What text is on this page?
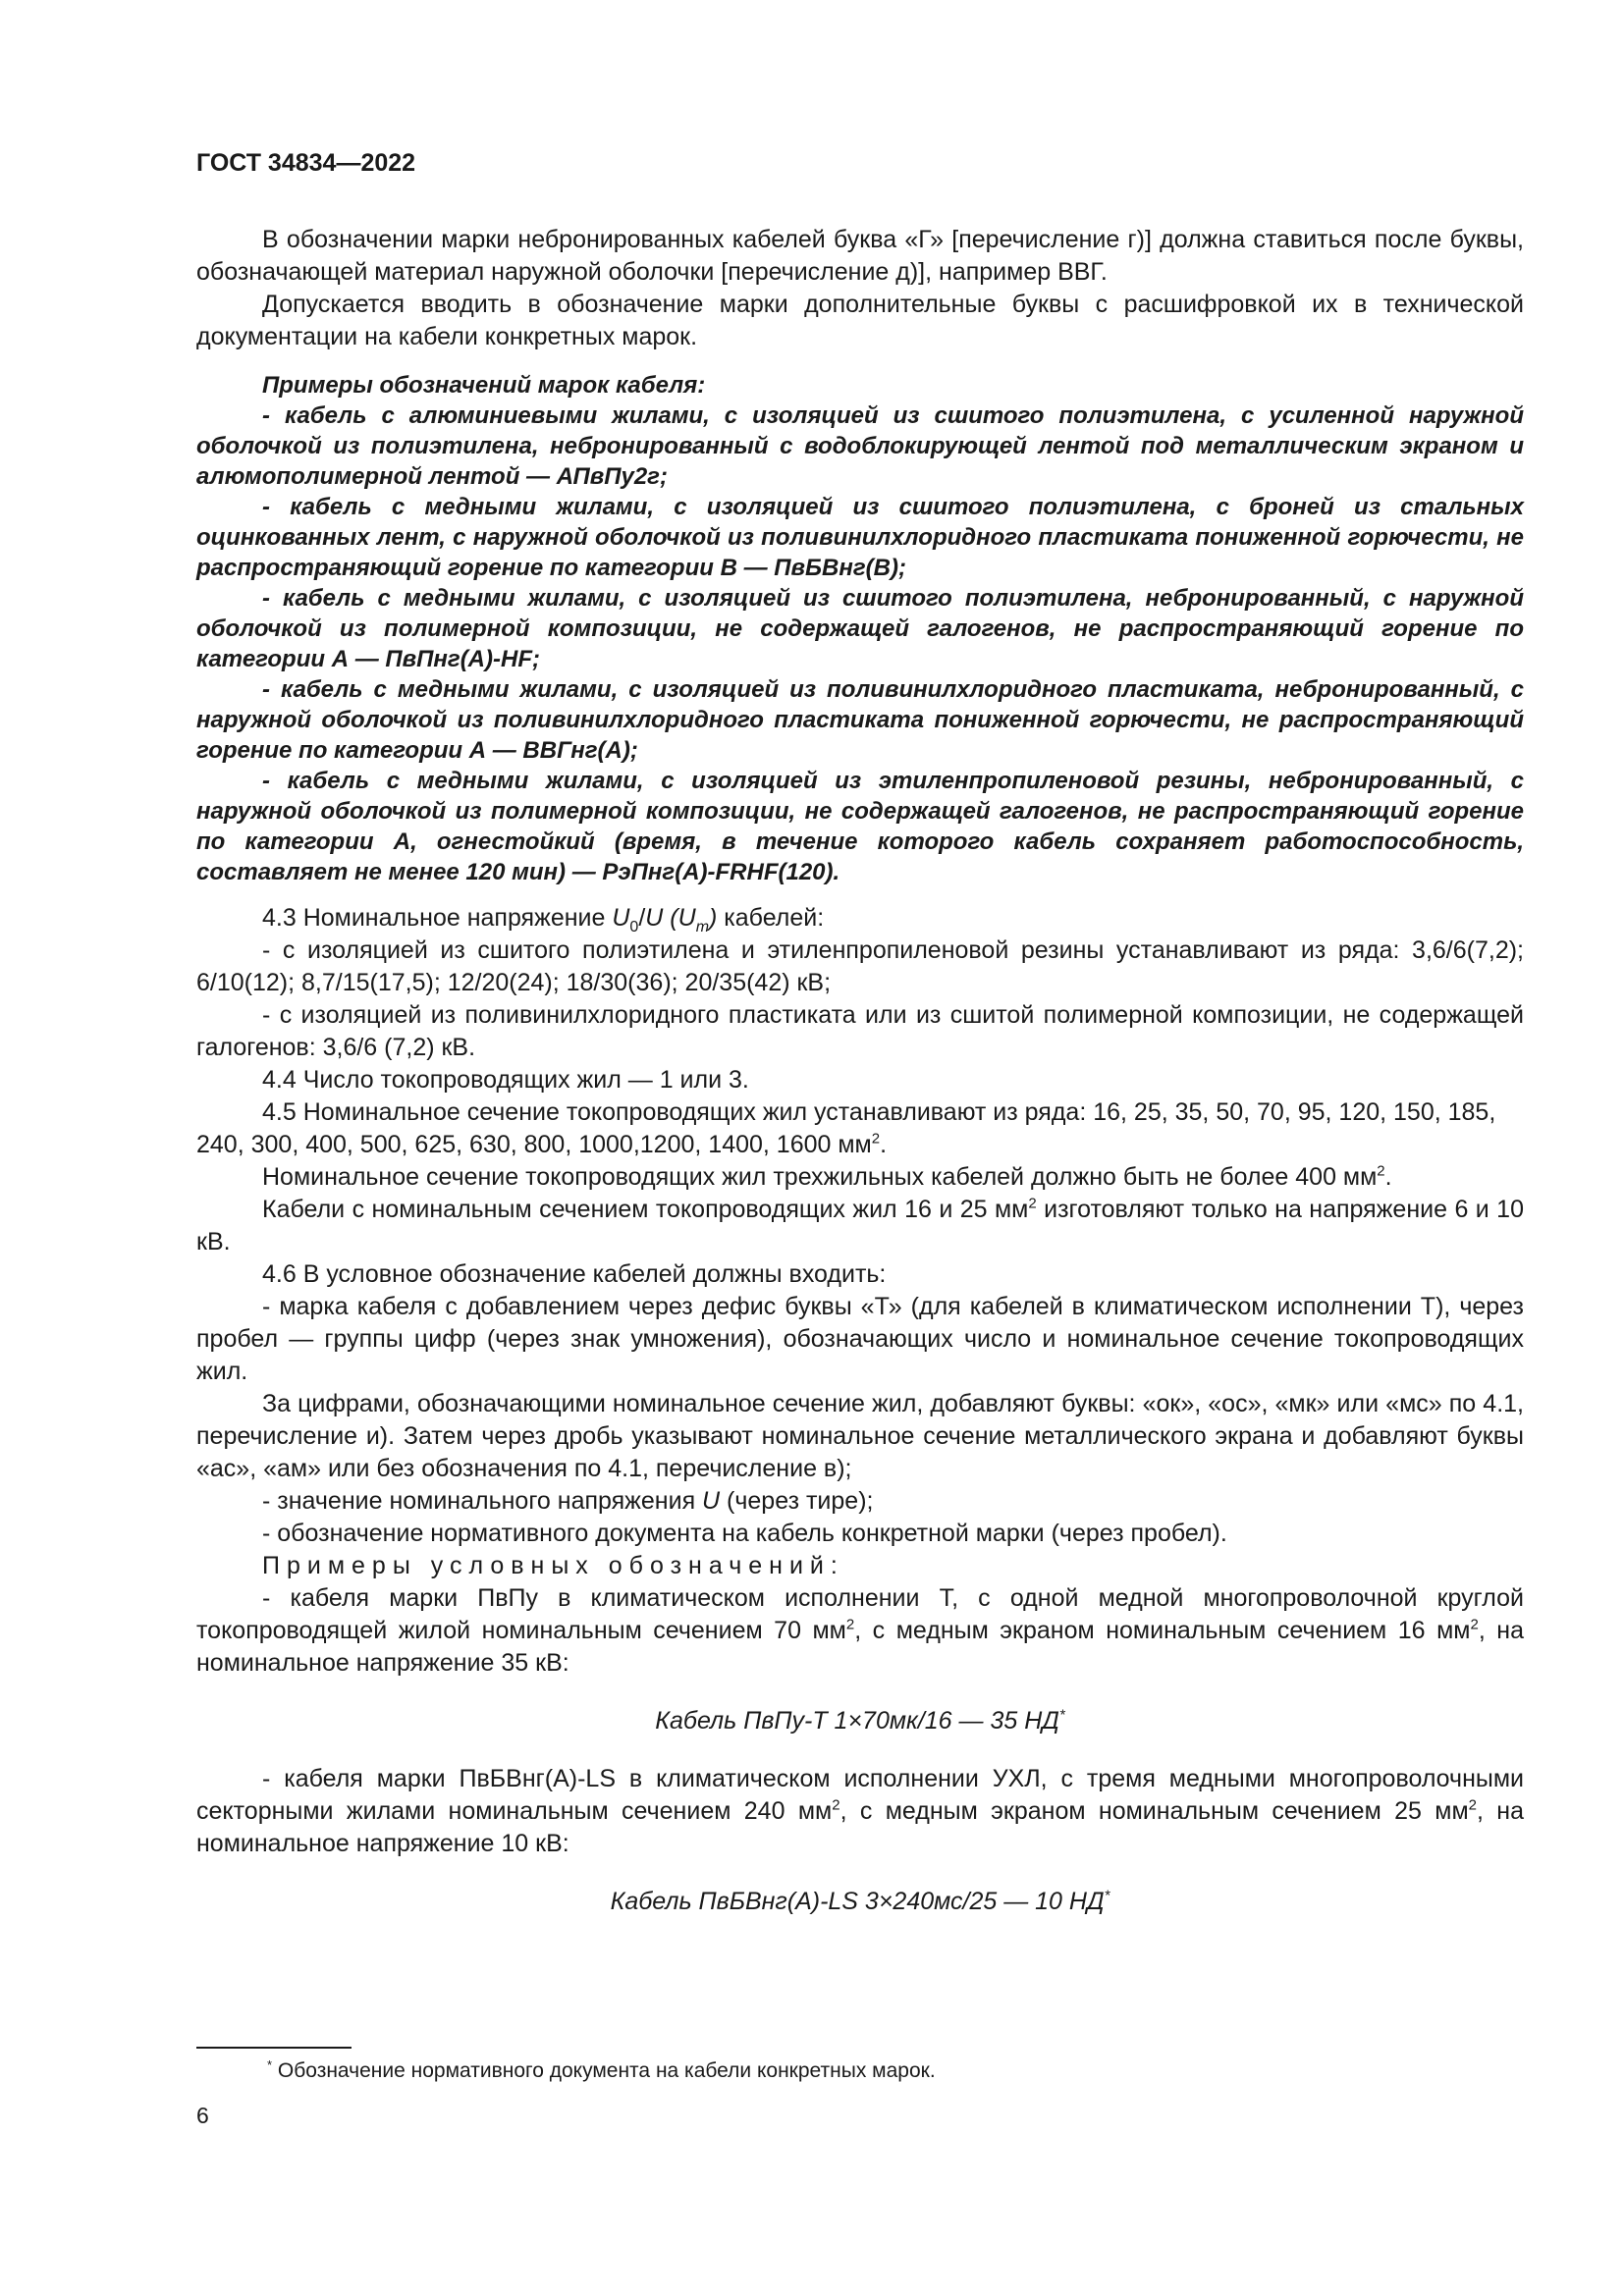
ГОСТ 34834—2022

В обозначении марки небронированных кабелей буква «Г» [перечисление г)] должна ставиться после буквы, обозначающей материал наружной оболочки [перечисление д)], например ВВГ.

Допускается вводить в обозначение марки дополнительные буквы с расшифровкой их в технической документации на кабели конкретных марок.

Примеры обозначений марок кабеля:

- кабель с алюминиевыми жилами, с изоляцией из сшитого полиэтилена, с усиленной наружной оболочкой из полиэтилена, небронированный с водоблокирующей лентой под металлическим экраном и алюмополимерной лентой — АПвПу2г;

- кабель с медными жилами, с изоляцией из сшитого полиэтилена, с броней из стальных оцинкованных лент, с наружной оболочкой из поливинилхлоридного пластиката пониженной горючести, не распространяющий горение по категории В — ПвБВнг(В);

- кабель с медными жилами, с изоляцией из сшитого полиэтилена, небронированный, с наружной оболочкой из полимерной композиции, не содержащей галогенов, не распространяющий горение по категории А — ПвПнг(А)-HF;

- кабель с медными жилами, с изоляцией из поливинилхлоридного пластиката, небронированный, с наружной оболочкой из поливинилхлоридного пластиката пониженной горючести, не распространяющий горение по категории А — ВВГнг(А);

- кабель с медными жилами, с изоляцией из этиленпропиленовой резины, небронированный, с наружной оболочкой из полимерной композиции, не содержащей галогенов, не распространяющий горение по категории А, огнестойкий (время, в течение которого кабель сохраняет работоспособность, составляет не менее 120 мин) — РэПнг(А)-FRHF(120).

4.3 Номинальное напряжение $U_0/U$ $(U_m)$ кабелей:

- с изоляцией из сшитого полиэтилена и этиленпропиленовой резины устанавливают из ряда: 3,6/6(7,2); 6/10(12); 8,7/15(17,5); 12/20(24); 18/30(36); 20/35(42) кВ;

- с изоляцией из поливинилхлоридного пластиката или из сшитой полимерной композиции, не содержащей галогенов: 3,6/6 (7,2) кВ.

4.4 Число токопроводящих жил — 1 или 3.

4.5 Номинальное сечение токопроводящих жил устанавливают из ряда: 16, 25, 35, 50, 70, 95, 120, 150, 185, 240, 300, 400, 500, 625, 630, 800, 1000,1200, 1400, 1600 $мм^2$.

Номинальное сечение токопроводящих жил трехжильных кабелей должно быть не более 400 $мм^2$.

Кабели с номинальным сечением токопроводящих жил 16 и 25 $мм^2$ изготовляют только на напряжение 6 и 10 кВ.

4.6 В условное обозначение кабелей должны входить:

- марка кабеля с добавлением через дефис буквы «Т» (для кабелей в климатическом исполнении Т), через пробел — группы цифр (через знак умножения), обозначающих число и номинальное сечение токопроводящих жил.

За цифрами, обозначающими номинальное сечение жил, добавляют буквы: «ок», «ос», «мк» или «мс» по 4.1, перечисление и). Затем через дробь указывают номинальное сечение металлического экрана и добавляют буквы «ас», «ам» или без обозначения по 4.1, перечисление в);

- значение номинального напряжения U (через тире);

- обозначение нормативного документа на кабель конкретной марки (через пробел).

Примеры условных обозначений:

- кабеля марки ПвПу в климатическом исполнении Т, с одной медной многопроволочной круглой токопроводящей жилой номинальным сечением 70 $мм^2$, с медным экраном номинальным сечением 16 $мм^2$, на номинальное напряжение 35 кВ:

Кабель ПвПу-Т 1×70мк/16 — 35 НД*

- кабеля марки ПвБВнг(А)-LS в климатическом исполнении УХЛ, с тремя медными многопроволочными секторными жилами номинальным сечением 240 $мм^2$, с медным экраном номинальным сечением 25 $мм^2$, на номинальное напряжение 10 кВ:

Кабель ПвБВнг(А)-LS 3×240мс/25 — 10 НД*

* Обозначение нормативного документа на кабели конкретных марок.

6
